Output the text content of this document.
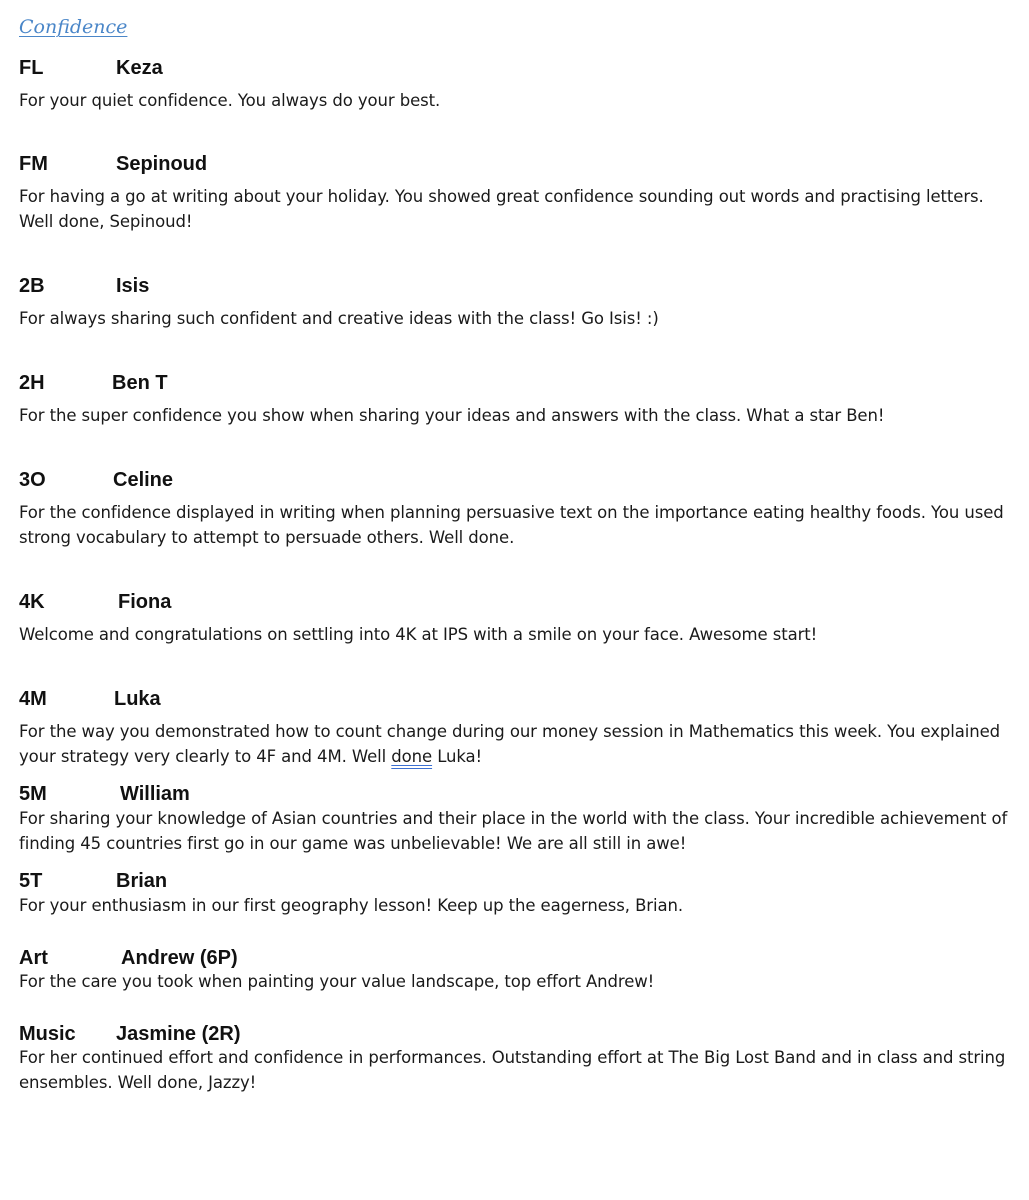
Confidence
FL	Keza

For your quiet confidence. You always do your best.

FM	Sepinoud

For having a go at writing about your holiday. You showed great confidence sounding out words and practising letters. Well done, Sepinoud!

2B	Isis

For always sharing such confident and creative ideas with the class! Go Isis! :)

2H	Ben T

For the super confidence you show when sharing your ideas and answers with the class. What a star Ben!

3O	Celine

For the confidence displayed in writing when planning persuasive text on the importance eating healthy foods. You used strong vocabulary to attempt to persuade others. Well done.

4K	Fiona

Welcome and congratulations on settling into 4K at IPS with a smile on your face. Awesome start!

4M	Luka

For the way you demonstrated how to count change during our money session in Mathematics this week. You explained your strategy very clearly to 4F and 4M. Well done Luka!

5M	William

For sharing your knowledge of Asian countries and their place in the world with the class. Your incredible achievement of finding 45 countries first go in our game was unbelievable! We are all still in awe!

5T	Brian

For your enthusiasm in our first geography lesson! Keep up the eagerness, Brian.

Art	Andrew (6P)

For the care you took when painting your value landscape, top effort Andrew!

Music Jasmine (2R)

For her continued effort and confidence in performances. Outstanding effort at The Big Lost Band and in class and string ensembles. Well done, Jazzy!
